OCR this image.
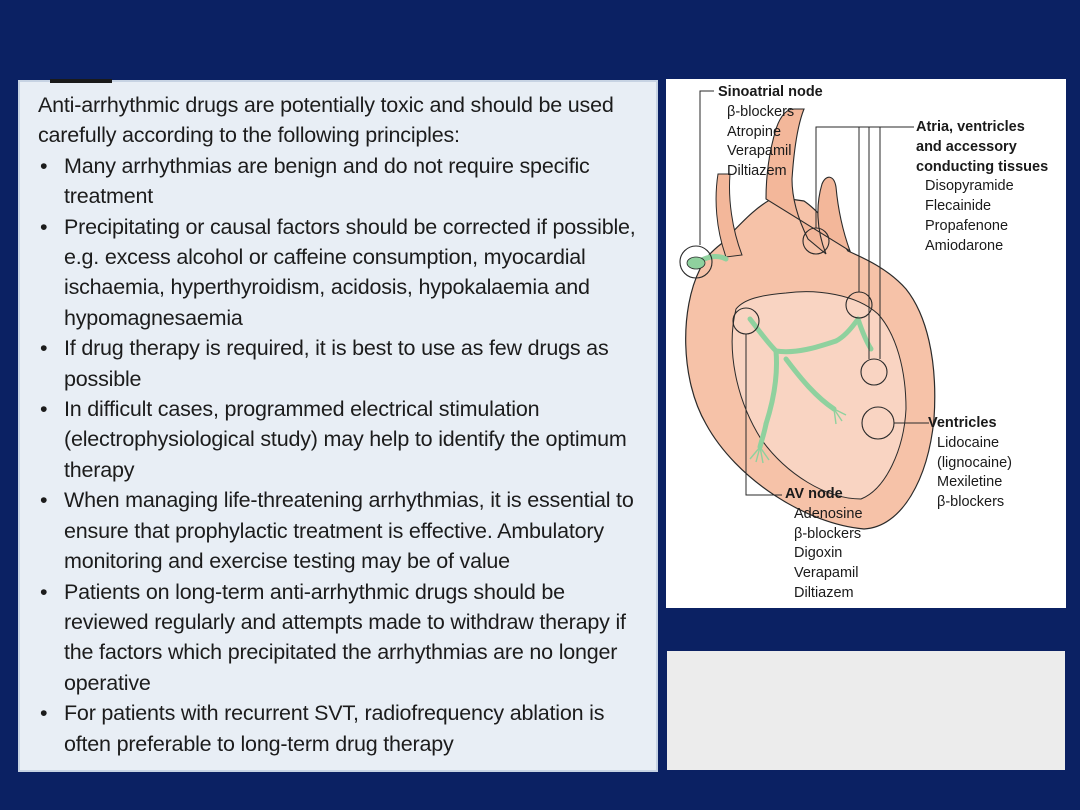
Anti-arrhythmic drugs are potentially toxic and should be used carefully according to the following principles:

• Many arrhythmias are benign and do not require specific treatment
• Precipitating or causal factors should be corrected if possible, e.g. excess alcohol or caffeine consumption, myocardial ischaemia, hyperthyroidism, acidosis, hypokalaemia and hypomagnesaemia
• If drug therapy is required, it is best to use as few drugs as possible
• In difficult cases, programmed electrical stimulation (electrophysiological study) may help to identify the optimum therapy
• When managing life-threatening arrhythmias, it is essential to ensure that prophylactic treatment is effective. Ambulatory monitoring and exercise testing may be of value
• Patients on long-term anti-arrhythmic drugs should be reviewed regularly and attempts made to withdraw therapy if the factors which precipitated the arrhythmias are no longer operative
• For patients with recurrent SVT, radiofrequency ablation is often preferable to long-term drug therapy
Sinoatrial node
β-blockers
Atropine
Verapamil
Diltiazem
Atria, ventricles
and accessory
conducting tissues
Disopyramide
Flecainide
Propafenone
Amiodarone
Ventricles
Lidocaine
(lignocaine)
Mexiletine
β-blockers
AV node
Adenosine
β-blockers
Digoxin
Verapamil
Diltiazem
